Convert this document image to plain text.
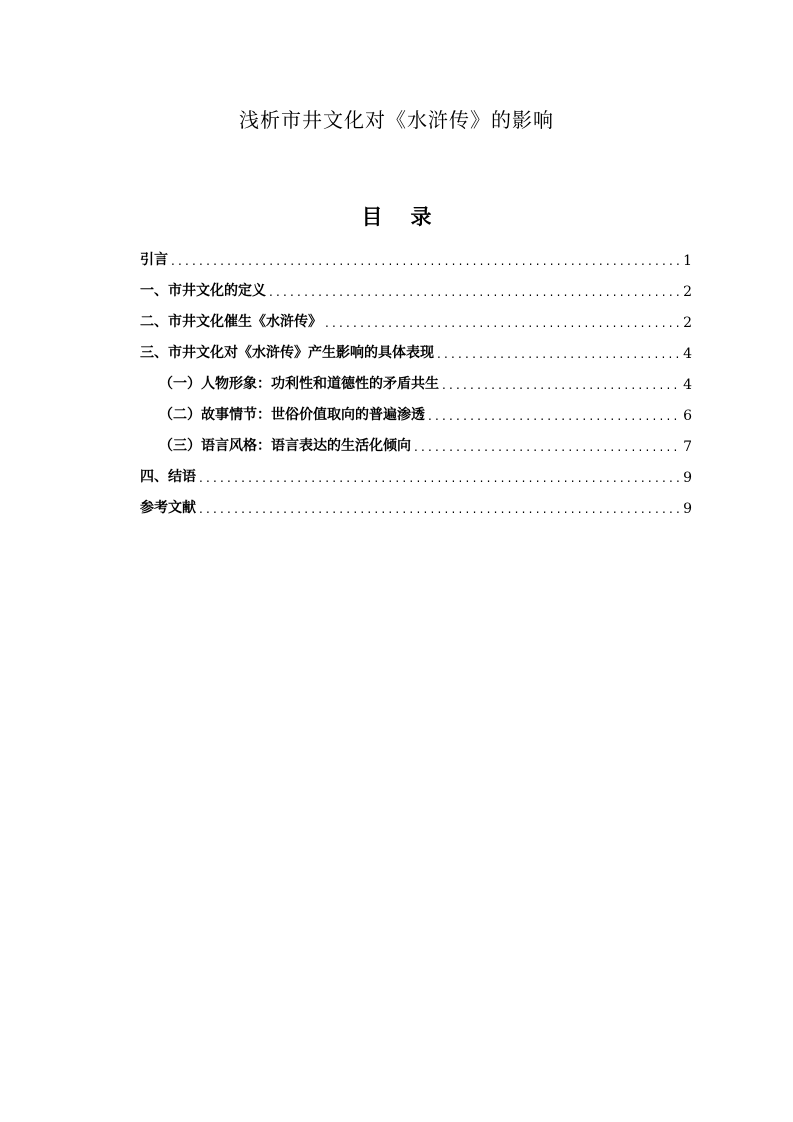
浅析市井文化对《水浒传》的影响
目 录
引言 .....	1
一、市井文化的定义 .....	2
二、市井文化催生《水浒传》 .....	2
三、市井文化对《水浒传》产生影响的具体表现 .....	4
（一）人物形象：功利性和道德性的矛盾共生 .....	4
（二）故事情节：世俗价值取向的普遍渗透 .....	6
（三）语言风格：语言表达的生活化倾向 .....	7
四、结语 .....	9
参考文献 .....	9
